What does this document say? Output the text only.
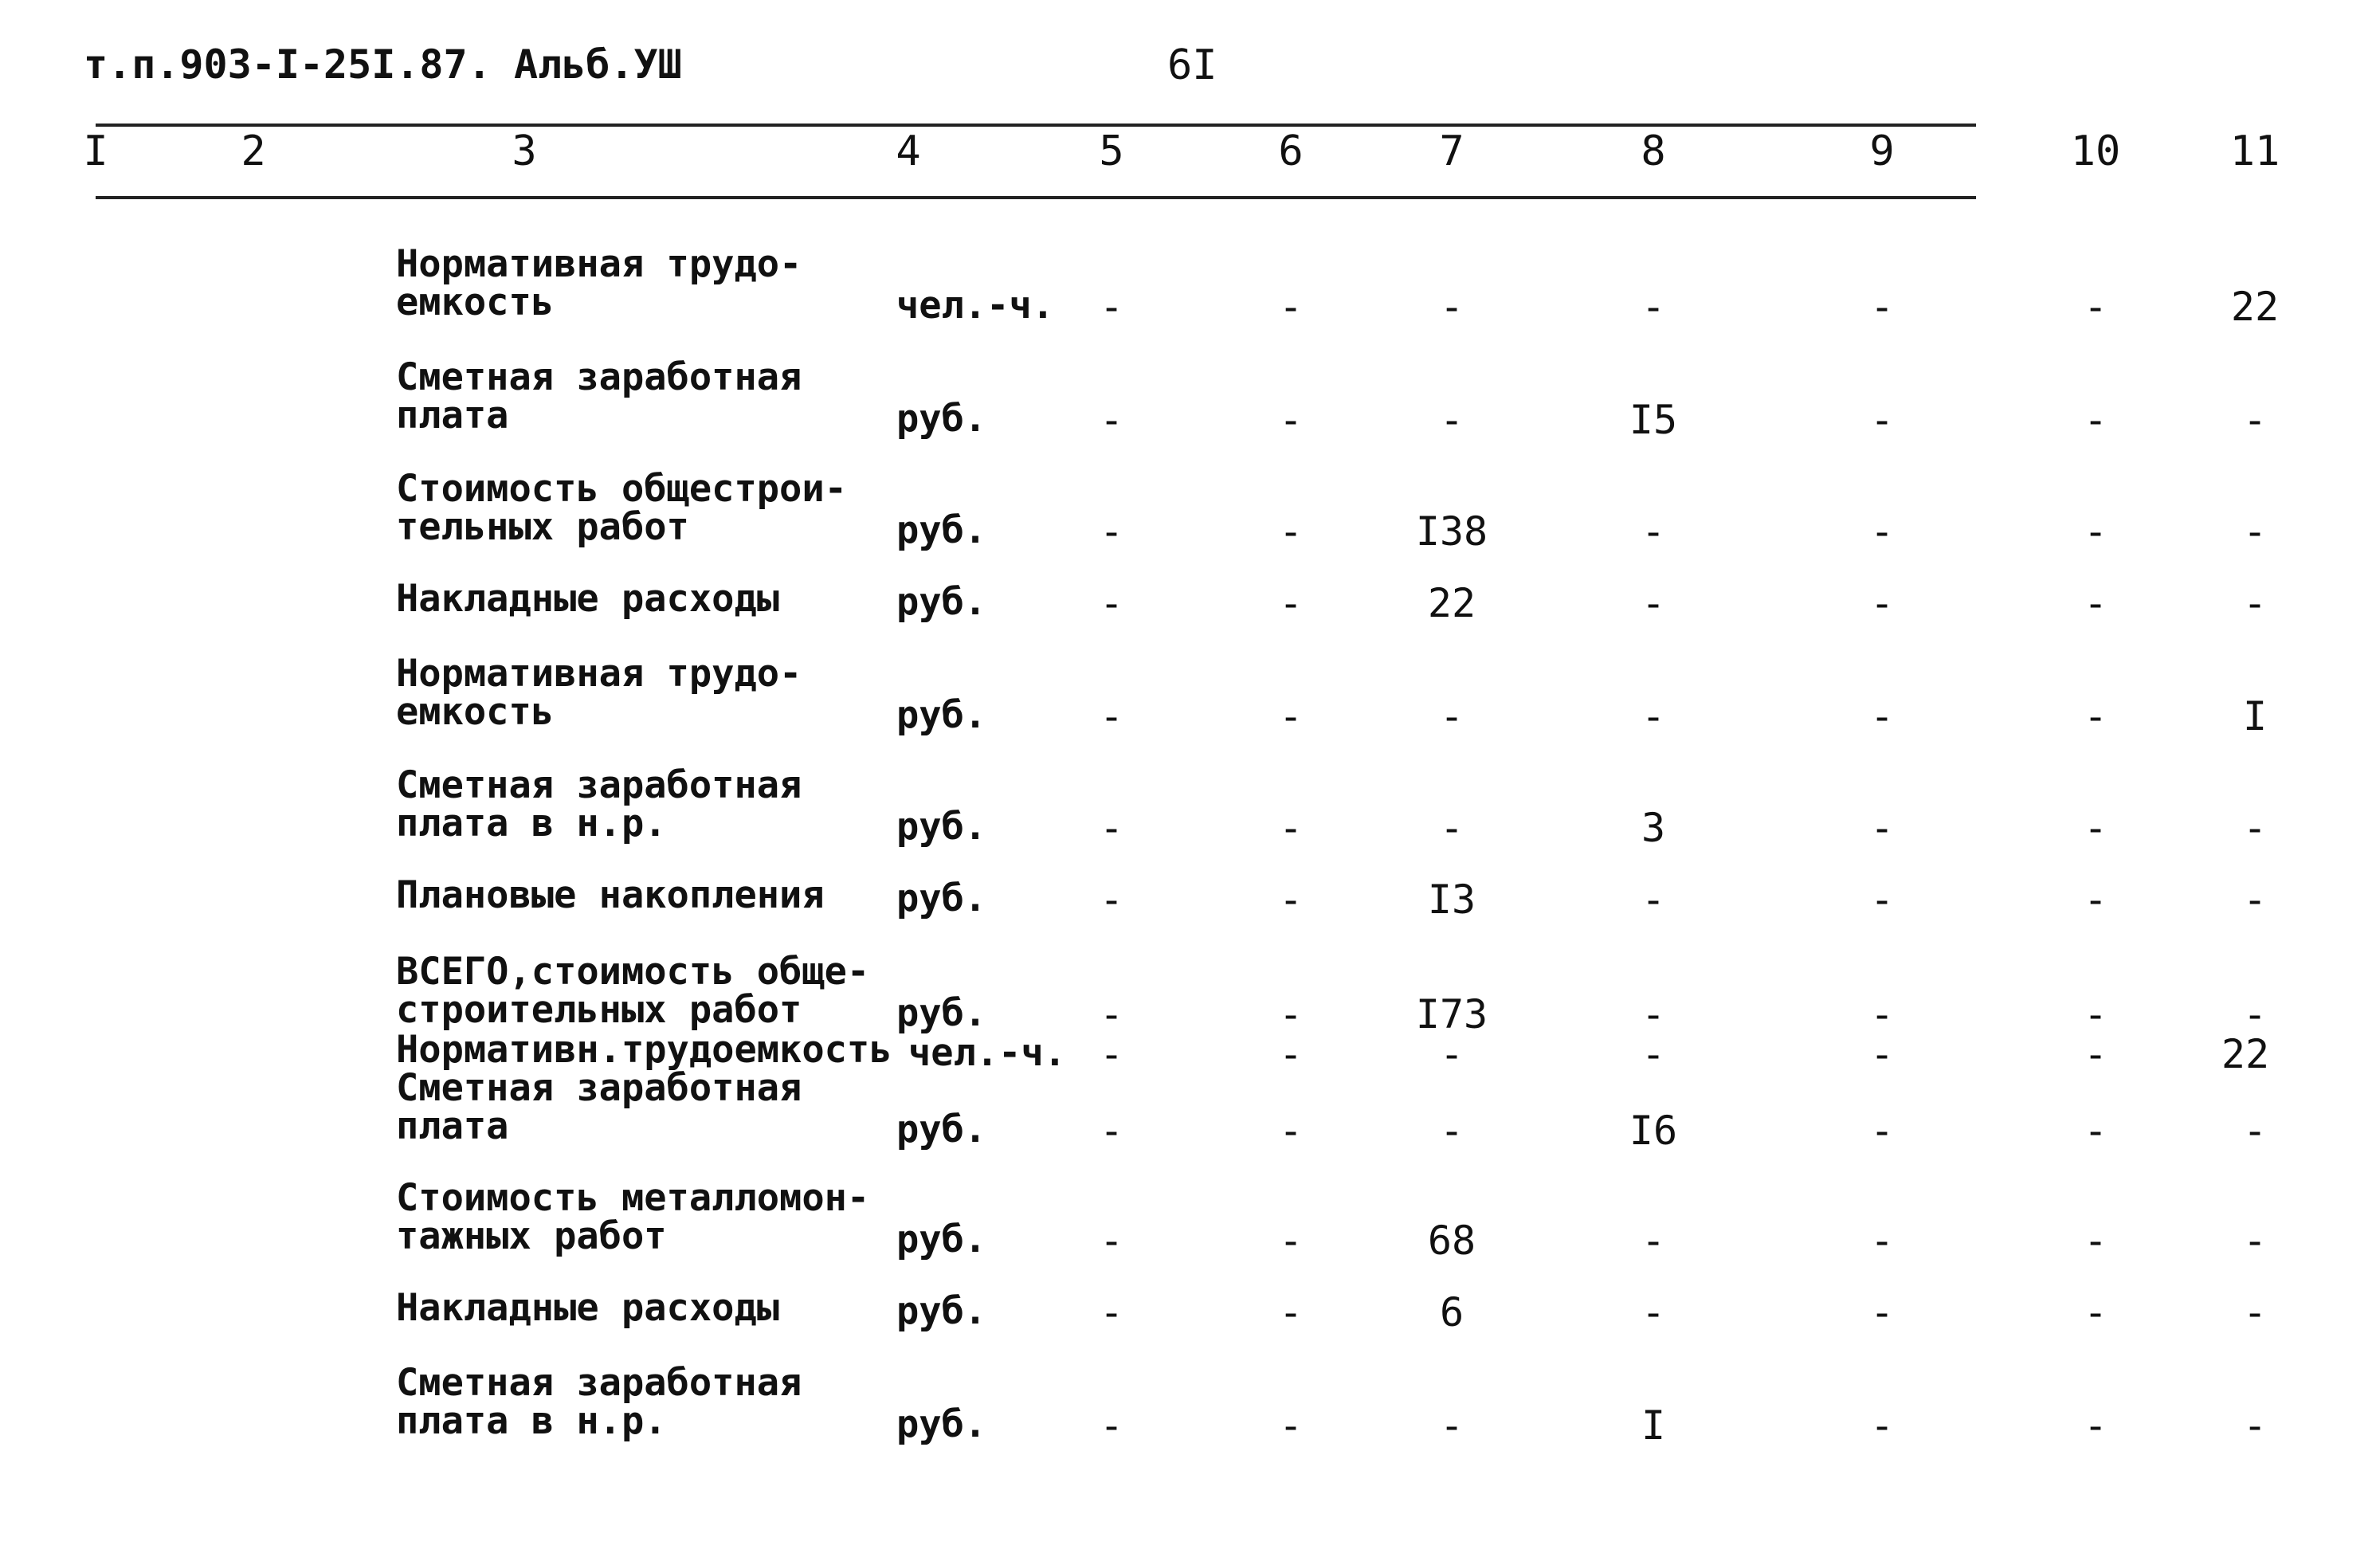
т.п.903-I-25I.87. Альб.УШ	6I
I	2	3	4	5	6	7	8	9	10	11
Нормативная трудо-
емкость	чел.-ч. -	-	-	-	-	-	22
Сметная заработная
плата	руб.	-	-	-	I5	-	-	-
Стоимость общестрои-
тельных работ	руб.	-	-	I38	-	-	-	-
Накладные расходы	руб.	-	-	22	-	-	-	-
Нормативная трудо-
емкость	руб.	-	-	-	-	-	-	I
Сметная заработная
плата в н.р.	руб.	-	-	-	3	-	-	-
Плановые накопления руб.	-	-	I3	-	-	-	-
ВСЕГО,стоимость обще-
строительных работ	руб.	-	-	I73	-	-	-	-
Нормативн.трудоемкость чел.-ч. -	-	-	-	-	-	22
Сметная заработная
плата	руб.	-	-	-	I6	-	-	-
Стоимость металломон-
тажных работ	руб.	-	-	68	-	-	-	-
Накладные расходы	руб.	-	-	6	-	-	-	-
Сметная заработная
плата в н.р.	руб.	-	-	-	I	-	-	-
